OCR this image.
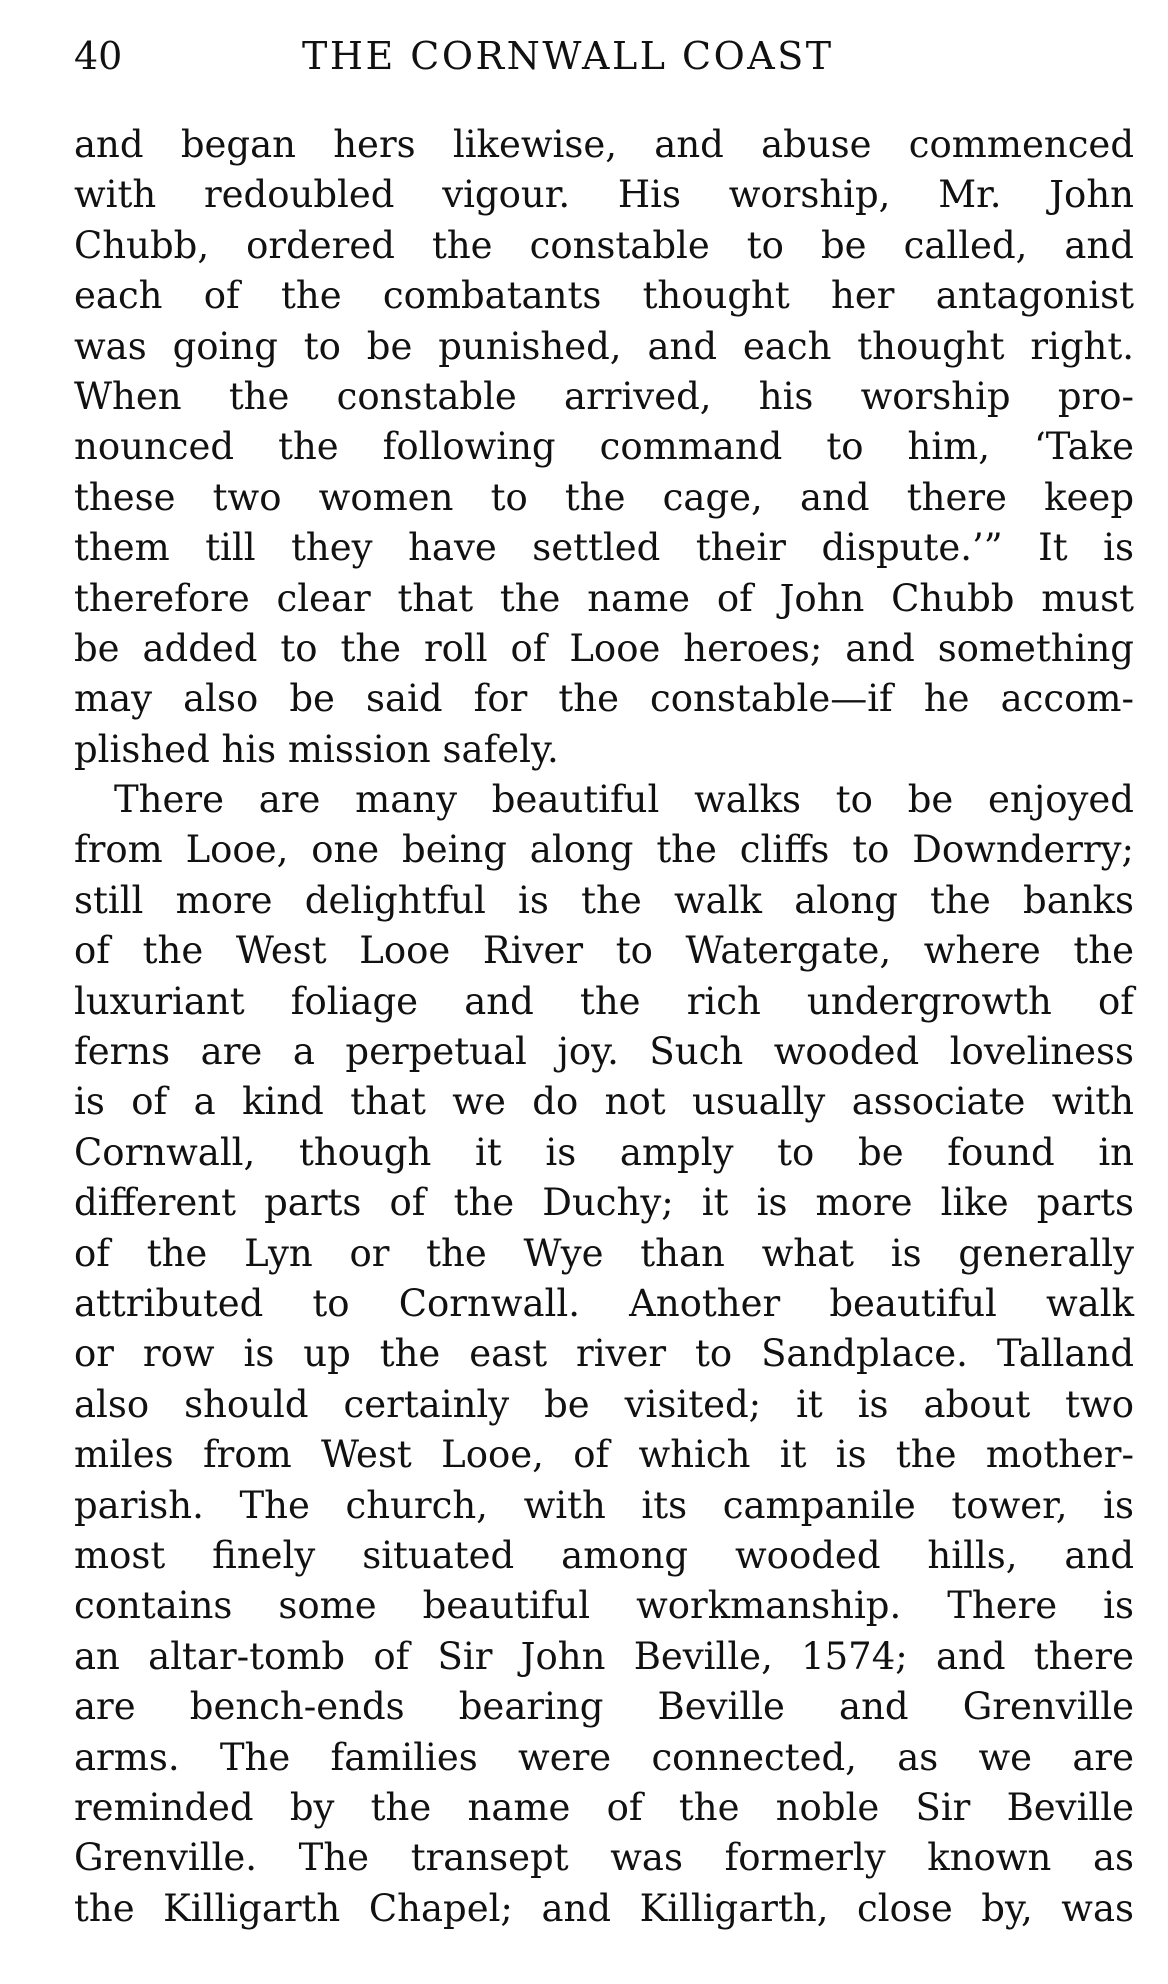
40	THE CORNWALL COAST
and began hers likewise, and abuse commenced
with redoubled vigour. His worship, Mr. John
Chubb, ordered the constable to be called, and
each of the combatants thought her antagonist
was going to be punished, and each thought right.
When the constable arrived, his worship pro-
nounced the following command to him, ‘Take
these two women to the cage, and there keep
them till they have settled their dispute.’” It is
therefore clear that the name of John Chubb must
be added to the roll of Looe heroes; and something
may also be said for the constable—if he accom-
plished his mission safely.
There are many beautiful walks to be enjoyed
from Looe, one being along the cliffs to Downderry;
still more delightful is the walk along the banks
of the West Looe River to Watergate, where the
luxuriant foliage and the rich undergrowth of
ferns are a perpetual joy. Such wooded loveliness
is of a kind that we do not usually associate with
Cornwall, though it is amply to be found in
different parts of the Duchy; it is more like parts
of the Lyn or the Wye than what is generally
attributed to Cornwall. Another beautiful walk
or row is up the east river to Sandplace. Talland
also should certainly be visited; it is about two
miles from West Looe, of which it is the mother-
parish. The church, with its campanile tower, is
most finely situated among wooded hills, and
contains some beautiful workmanship. There is
an altar-tomb of Sir John Beville, 1574; and there
are bench-ends bearing Beville and Grenville
arms. The families were connected, as we are
reminded by the name of the noble Sir Beville
Grenville. The transept was formerly known as
the Killigarth Chapel; and Killigarth, close by, was
